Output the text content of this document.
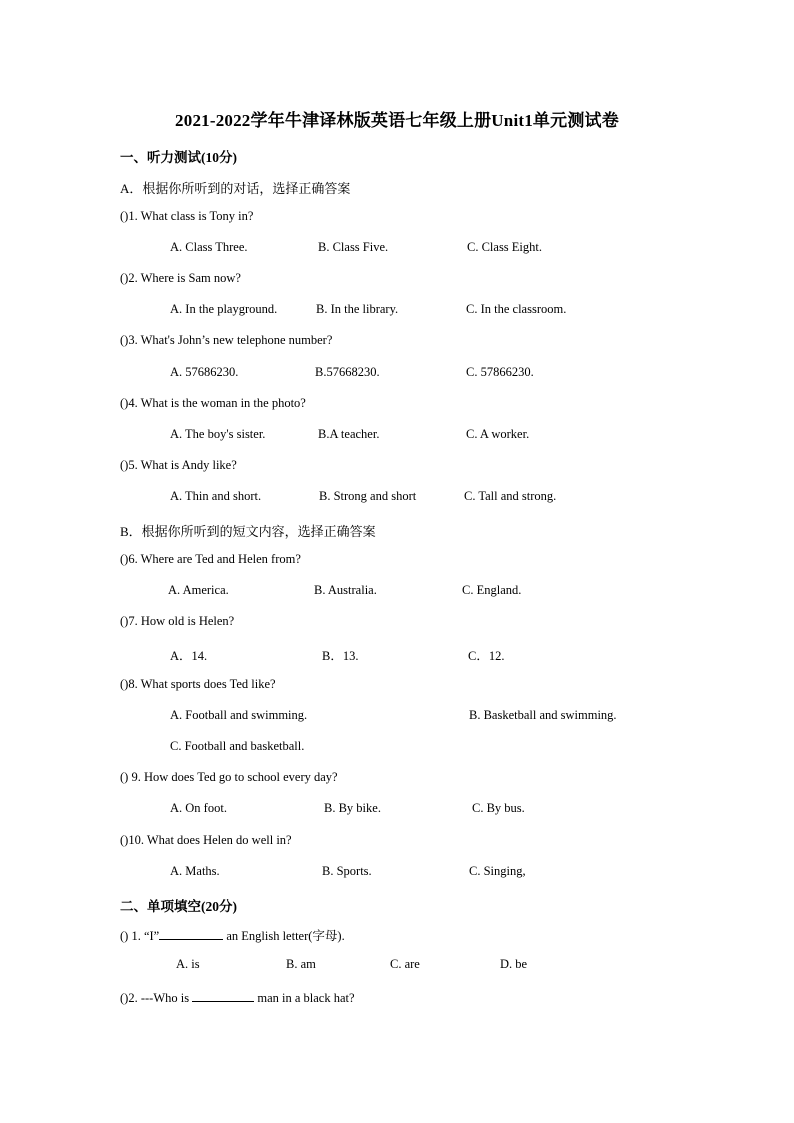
2021-2022学年牛津译林版英语七年级上册Unit1单元测试卷
一、听力测试(10分)
A．根据你所听到的对话，选择正确答案
()1. What class is Tony in?
A. Class Three.	B. Class Five.	C. Class Eight.
()2. Where is Sam now?
A. In the playground.	B. In the library.	C. In the classroom.
()3. What's John’s new telephone number?
A. 57686230.	B.57668230.	C. 57866230.
()4. What is the woman in the photo?
A. The boy's sister.	B.A teacher.	C. A worker.
()5. What is Andy like?
A. Thin and short.	B. Strong and short	C. Tall and strong.
B．根据你所听到的短文内容，选择正确答案
()6. Where are Ted and Helen from?
A. America.	B. Australia.	C. England.
()7. How old is Helen?
A．14.	B．13.	C．12.
()8. What sports does Ted like?
A. Football and swimming.	B. Basketball and swimming.
C. Football and basketball.
() 9. How does Ted go to school every day?
A. On foot.	B. By bike.	C. By bus.
()10. What does Helen do well in?
A. Maths.	B. Sports.	C. Singing,
二、单项填空(20分)
() 1. “I”	an English letter(字母).
A. is	B. am	C. are	D. be
()2. ---Who is	man in a black hat?
